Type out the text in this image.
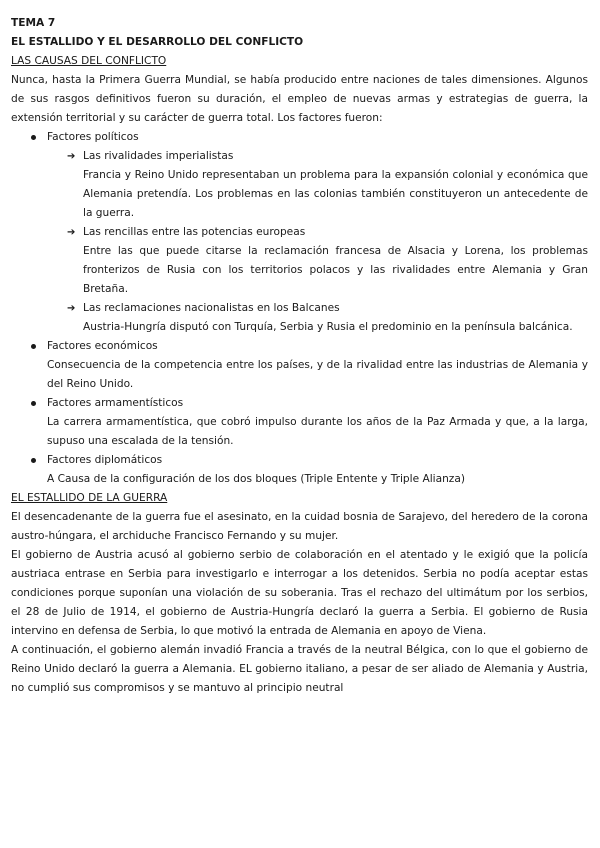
TEMA 7

EL ESTALLIDO Y EL DESARROLLO DEL CONFLICTO

LAS CAUSAS DEL CONFLICTO

Nunca, hasta la Primera Guerra Mundial, se había producido entre naciones de tales dimensiones. Algunos de sus rasgos definitivos fueron su duración, el empleo de nuevas armas y estrategias de guerra, la extensión territorial y su carácter de guerra total. Los factores fueron:

Factores políticos
➔ Las rivalidades imperialistas

Francia y Reino Unido representaban un problema para la expansión colonial y económica que Alemania pretendía. Los problemas en las colonias también constituyeron un antecedente de la guerra.

➔ Las rencillas entre las potencias europeas

Entre las que puede citarse la reclamación francesa de Alsacia y Lorena, los problemas fronterizos de Rusia con los territorios polacos y las rivalidades entre Alemania y Gran Bretaña.

➔ Las reclamaciones nacionalistas en los Balcanes

Austria-Hungría disputó con Turquía, Serbia y Rusia el predominio en la península balcánica.

Factores económicos

Consecuencia de la competencia entre los países, y de la rivalidad entre las industrias de Alemania y del Reino Unido.

Factores armamentísticos

La carrera armamentística, que cobró impulso durante los años de la Paz Armada y que, a la larga, supuso una escalada de la tensión.

Factores diplomáticos

A Causa de la configuración de los dos bloques (Triple Entente y Triple Alianza)

EL ESTALLIDO DE LA GUERRA

El desencadenante de la guerra fue el asesinato, en la cuidad bosnia de Sarajevo, del heredero de la corona austro-húngara, el archiduche Francisco Fernando y su mujer.

El gobierno de Austria acusó al gobierno serbio de colaboración en el atentado y le exigió que la policía austriaca entrase en Serbia para investigarlo e interrogar a los detenidos. Serbia no podía aceptar estas condiciones porque suponían una violación de su soberania. Tras el rechazo del ultimátum por los serbios, el 28 de Julio de 1914, el gobierno de Austria-Hungría declaró la guerra a Serbia. El gobierno de Rusia intervino en defensa de Serbia, lo que motivó la entrada de Alemania en apoyo de Viena.

A continuación, el gobierno alemán invadió Francia a través de la neutral Bélgica, con lo que el gobierno de Reino Unido declaró la guerra a Alemania. EL gobierno italiano, a pesar de ser aliado de Alemania y Austria, no cumplió sus compromisos y se mantuvo al principio neutral
